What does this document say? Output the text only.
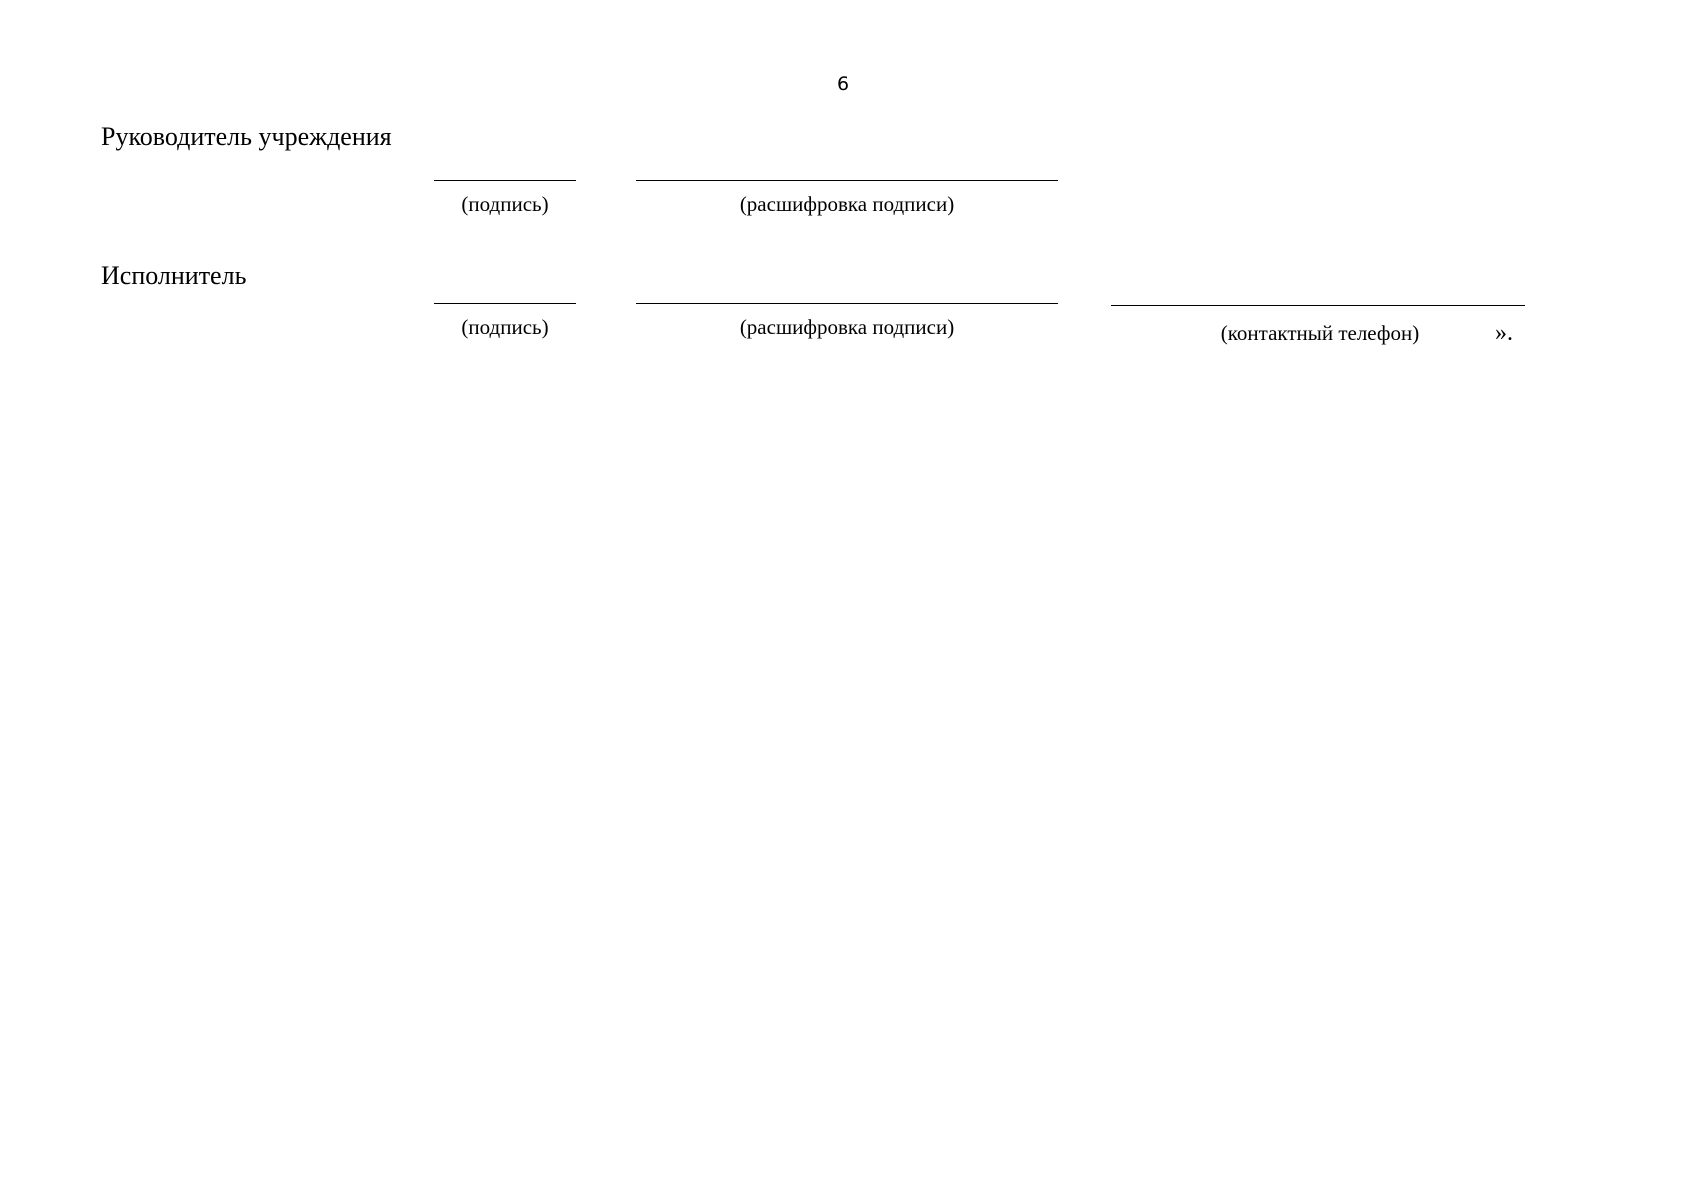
6
Руководитель учреждения
(подпись)	(расшифровка подписи)
Исполнитель
(подпись)	(расшифровка подписи)	(контактный телефон)	».
